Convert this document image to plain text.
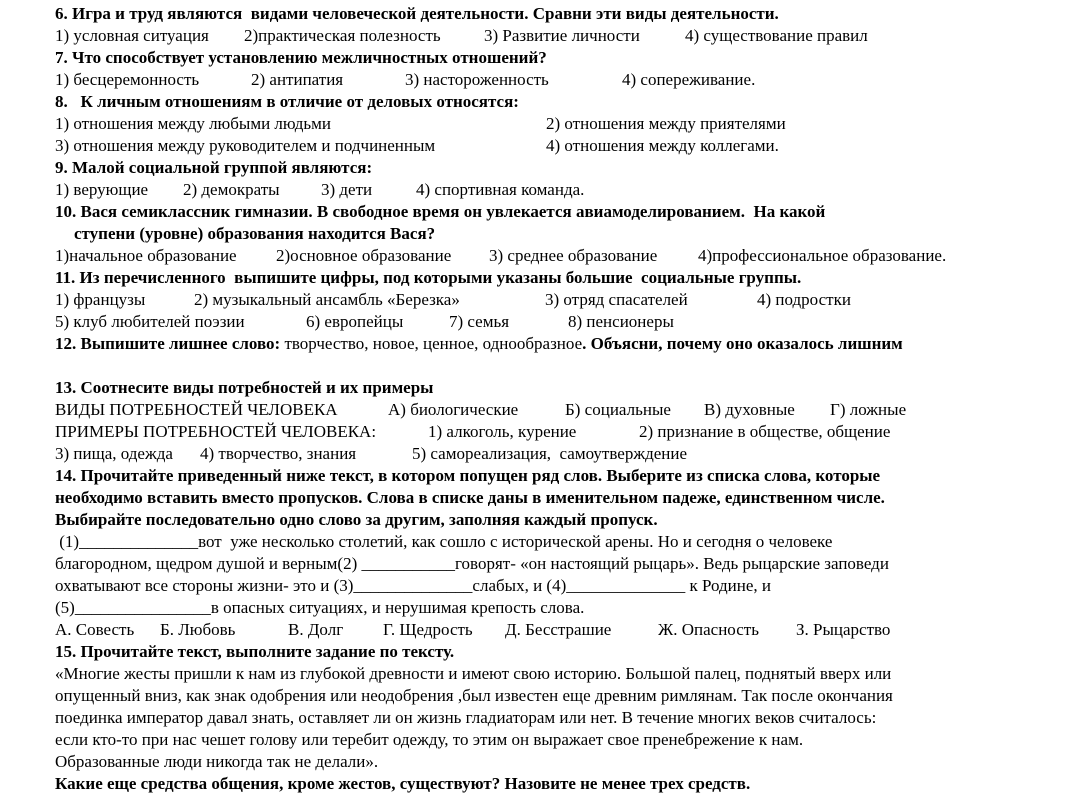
6. Игра и труд являются  видами человеческой деятельности. Сравни эти виды деятельности.
1) условная ситуация 2)практическая полезность	3) Развитие личности	4) существование правил
7. Что способствует установлению межличностных отношений?
1) бесцеремонность	2) антипатия	3) настороженность	4) сопереживание.
8.   К личным отношениям в отличие от деловых относятся:
1) отношения между любыми людьми	2) отношения между приятелями
3) отношения между руководителем и подчиненным	4) отношения между коллегами.
9. Малой социальной группой являются:
1) верующие 2) демократы 3) дети	4) спортивная команда.
10. Вася семиклассник гимназии. В свободное время он увлекается авиамоделированием.  На какой
ступени (уровне) образования находится Вася?
1)начальное образование 2)основное образование 3) среднее образование 4)профессиональное образование.
11. Из перечисленного  выпишите цифры, под которыми указаны большие  социальные группы.
1) французы	2) музыкальный ансамбль «Березка»	3) отряд спасателей	4) подростки
5) клуб любителей поэзии	6) европейцы	7) семья	8) пенсионеры
12. Выпишите лишнее слово: творчество, новое, ценное, однообразное. Объясни, почему оно оказалось лишним
13. Соотнесите виды потребностей и их примеры
ВИДЫ ПОТРЕБНОСТЕЙ ЧЕЛОВЕКА	А) биологические	Б) социальные В) духовные Г) ложные
ПРИМЕРЫ ПОТРЕБНОСТЕЙ ЧЕЛОВЕКА:	1) алкоголь, курение	2) признание в обществе, общение
3) пища, одежда 4) творчество, знания	5) самореализация,  самоутверждение
14. Прочитайте приведенный ниже текст, в котором попущен ряд слов. Выберите из списка слова, которые
необходимо вставить вместо пропусков. Слова в списке даны в именительном падеже, единственном числе.
Выбирайте последовательно одно слово за другим, заполняя каждый пропуск.
(1)______________вот  уже несколько столетий, как сошло с исторической арены. Но и сегодня о человеке
благородном, щедром душой и верным(2) ___________говорят- «он настоящий рыцарь». Ведь рыцарские заповеди
охватывают все стороны жизни- это и (3)______________слабых, и (4)______________ к Родине, и
(5)________________в опасных ситуациях, и нерушимая крепость слова.
А. Совесть Б. Любовь	В. Долг Г. Щедрость Д. Бесстрашие	Ж. Опасность З. Рыцарство
15. Прочитайте текст, выполните задание по тексту.
«Многие жесты пришли к нам из глубокой древности и имеют свою историю. Большой палец, поднятый вверх или
опущенный вниз, как знак одобрения или неодобрения ,был известен еще древним римлянам. Так после окончания
поединка император давал знать, оставляет ли он жизнь гладиаторам или нет. В течение многих веков считалось:
если кто-то при нас чешет голову или теребит одежду, то этим он выражает свое пренебрежение к нам.
Образованные люди никогда так не делали».
Какие еще средства общения, кроме жестов, существуют? Назовите не менее трех средств.
